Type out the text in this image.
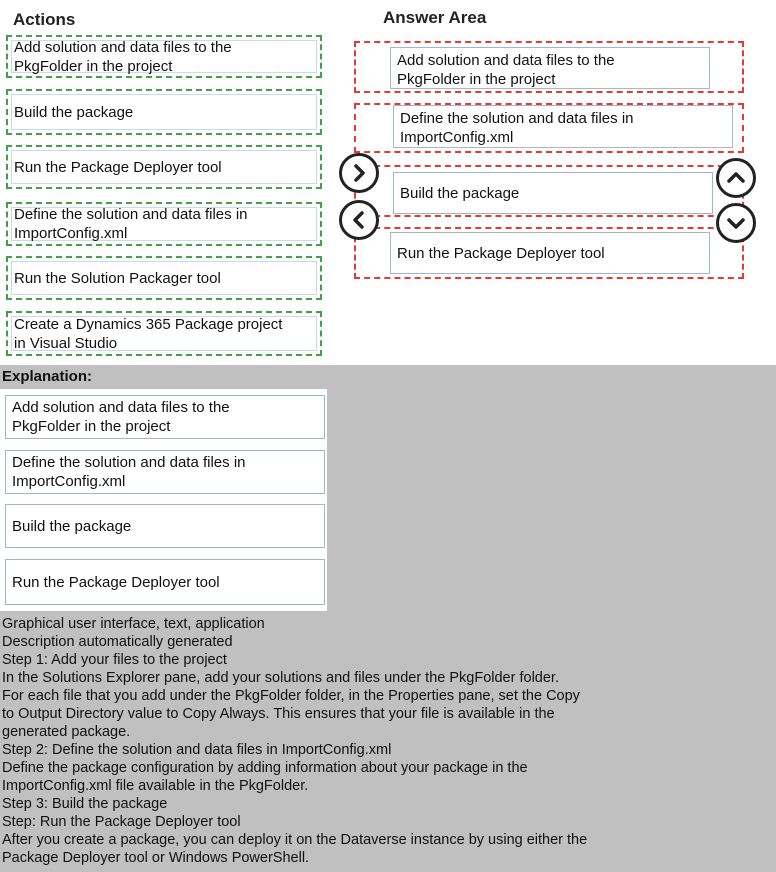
Actions	Answer Area
Add solution and data files to the
PkgFolder in the project
Build the package
Run the Package Deployer tool
Define the solution and data files in
ImportConfig.xml
Run the Solution Packager tool
Create a Dynamics 365 Package project
in Visual Studio
Add solution and data files to the
PkgFolder in the project
Define the solution and data files in
ImportConfig.xml
Build the package
Run the Package Deployer tool
Explanation:
Add solution and data files to the
PkgFolder in the project
Define the solution and data files in
ImportConfig.xml
Build the package
Run the Package Deployer tool
Graphical user interface, text, application
Description automatically generated
Step 1: Add your files to the project
In the Solutions Explorer pane, add your solutions and files under the PkgFolder folder.
For each file that you add under the PkgFolder folder, in the Properties pane, set the Copy
to Output Directory value to Copy Always. This ensures that your file is available in the
generated package.
Step 2: Define the solution and data files in ImportConfig.xml
Define the package configuration by adding information about your package in the
ImportConfig.xml file available in the PkgFolder.
Step 3: Build the package
Step: Run the Package Deployer tool
After you create a package, you can deploy it on the Dataverse instance by using either the
Package Deployer tool or Windows PowerShell.
